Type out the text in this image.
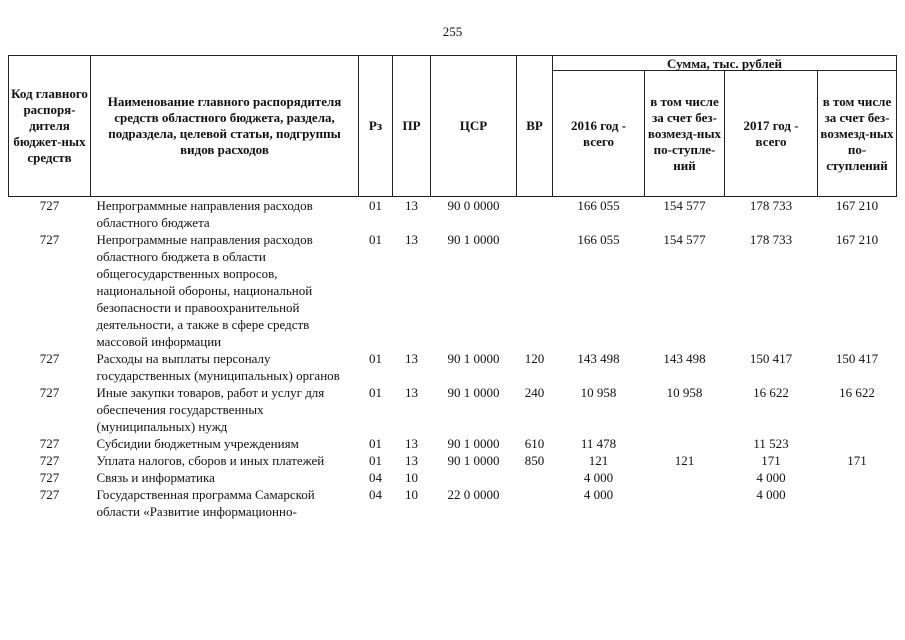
255
Код главного распоря-дителя бюджет-ных средств	Наименование главного распорядителя средств областного бюджета, раздела, подраздела, целевой статьи, подгруппы видов расходов	Рз	ПР	ЦСР	ВР	Сумма, тыс. рублей			
						2016 год - всего	в том числе за счет без-возмезд-ных по-ступле-ний	2017 год - всего	в том числе за счет без-возмезд-ных по-ступлений
727	Непрограммные направления расходов областного бюджета	01	13	90 0 0000		166 055	154 577	178 733	167 210
727	Непрограммные направления расходов областного бюджета в области общегосударственных вопросов, национальной обороны, национальной безопасности и правоохранительной деятельности, а также в сфере средств массовой информации	01	13	90 1 0000		166 055	154 577	178 733	167 210
727	Расходы на выплаты персоналу государственных (муниципальных) органов	01	13	90 1 0000	120	143 498	143 498	150 417	150 417
727	Иные закупки товаров, работ и услуг для обеспечения государственных (муниципальных) нужд	01	13	90 1 0000	240	10 958	10 958	16 622	16 622
727	Субсидии бюджетным учреждениям	01	13	90 1 0000	610	11 478		11 523	
727	Уплата налогов, сборов и иных платежей	01	13	90 1 0000	850	121	121	171	171
727	Связь и информатика	04	10			4 000		4 000	
727	Государственная программа Самарской области «Развитие информационно-	04	10	22 0 0000		4 000		4 000	
